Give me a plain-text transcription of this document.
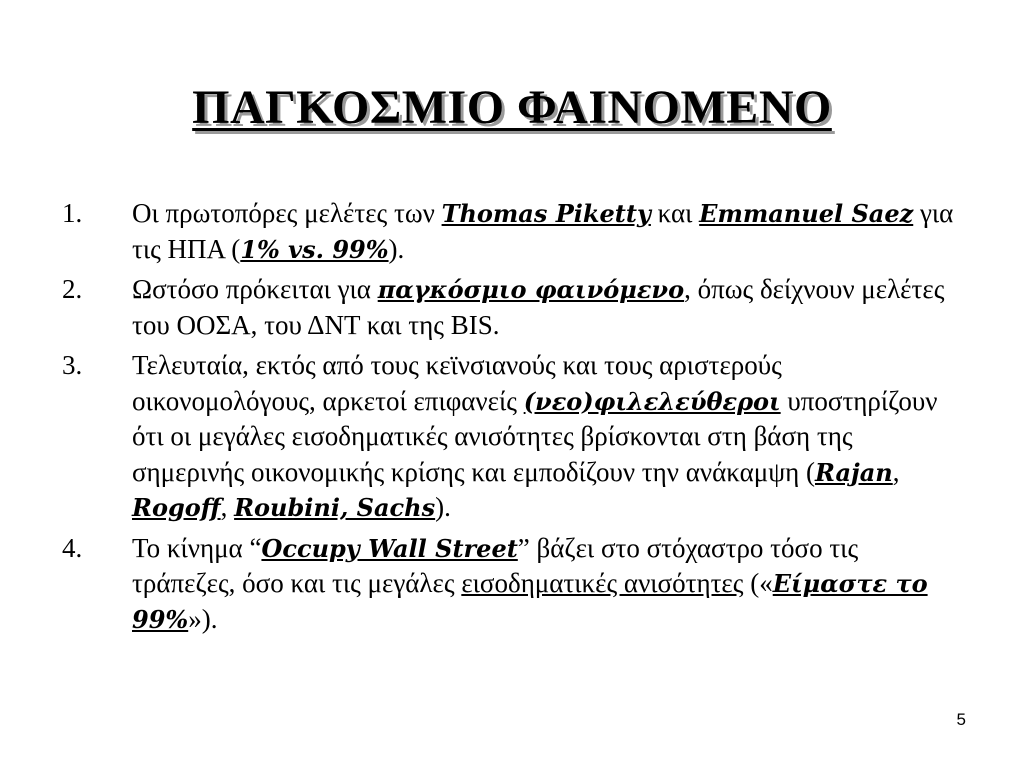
ΠΑΓΚΟΣΜΙΟ ΦΑΙΝΟΜΕΝΟ
1.	Οι πρωτοπόρες μελέτες των Thomas Piketty και Emmanuel Saez για τις ΗΠΑ (1% vs. 99%).
2.	Ωστόσο πρόκειται για παγκόσμιο φαινόμενο, όπως δείχνουν μελέτες του ΟΟΣΑ, του ΔΝΤ και της BIS.
3.	Τελευταία, εκτός από τους κεϊνσιανούς και τους αριστερούς οικονομολόγους, αρκετοί επιφανείς (νεο)φιλελεύθεροι υποστηρίζουν ότι οι μεγάλες εισοδηματικές ανισότητες βρίσκονται στη βάση της σημερινής οικονομικής κρίσης και εμποδίζουν την ανάκαμψη (Rajan, Rogoff, Roubini, Sachs).
4.	Το κίνημα “Occupy Wall Street” βάζει στο στόχαστρο τόσο τις τράπεζες, όσο και τις μεγάλες εισοδηματικές ανισότητες («Είμαστε το 99%»).
5
